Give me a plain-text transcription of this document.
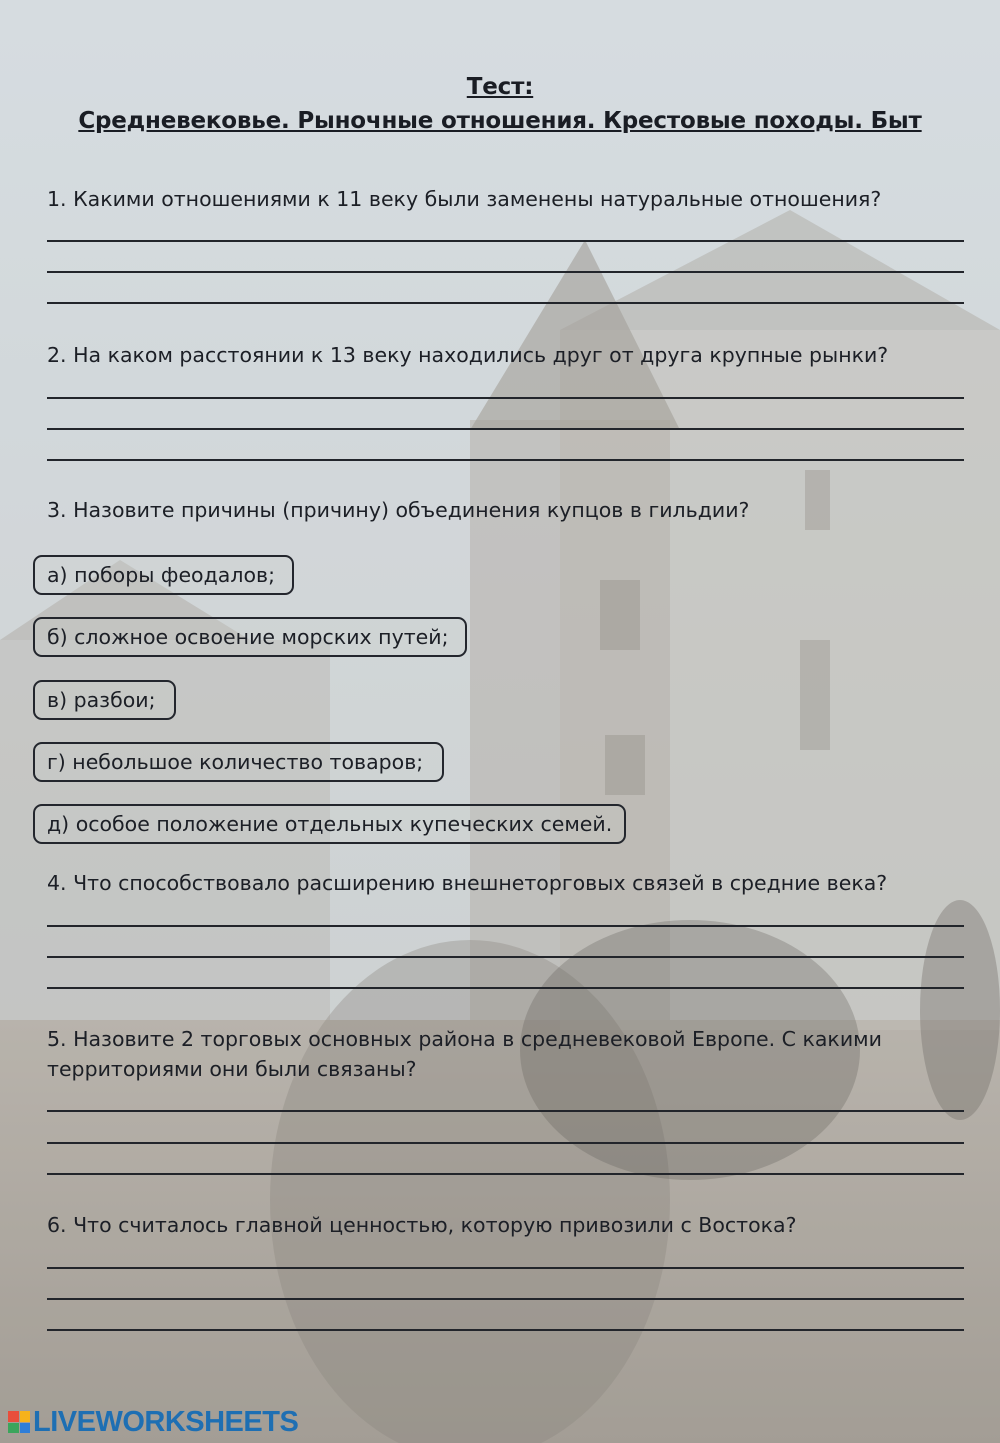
Тест:
Средневековье. Рыночные отношения. Крестовые походы. Быт

1. Какими отношениями к 11 веку были заменены натуральные отношения?

2. На каком расстоянии к 13 веку находились друг от друга крупные рынки?

3. Назовите причины (причину) объединения купцов в гильдии?

а) поборы феодалов;
б) сложное освоение морских путей;
в) разбои;
г) небольшое количество товаров;
д) особое положение отдельных купеческих семей.

4. Что способствовало расширению внешнеторговых связей в средние века?

5. Назовите 2 торговых основных района в средневековой Европе. С какими территориями они были связаны?

6. Что считалось главной ценностью, которую привозили с Востока?

LIVEWORKSHEETS
